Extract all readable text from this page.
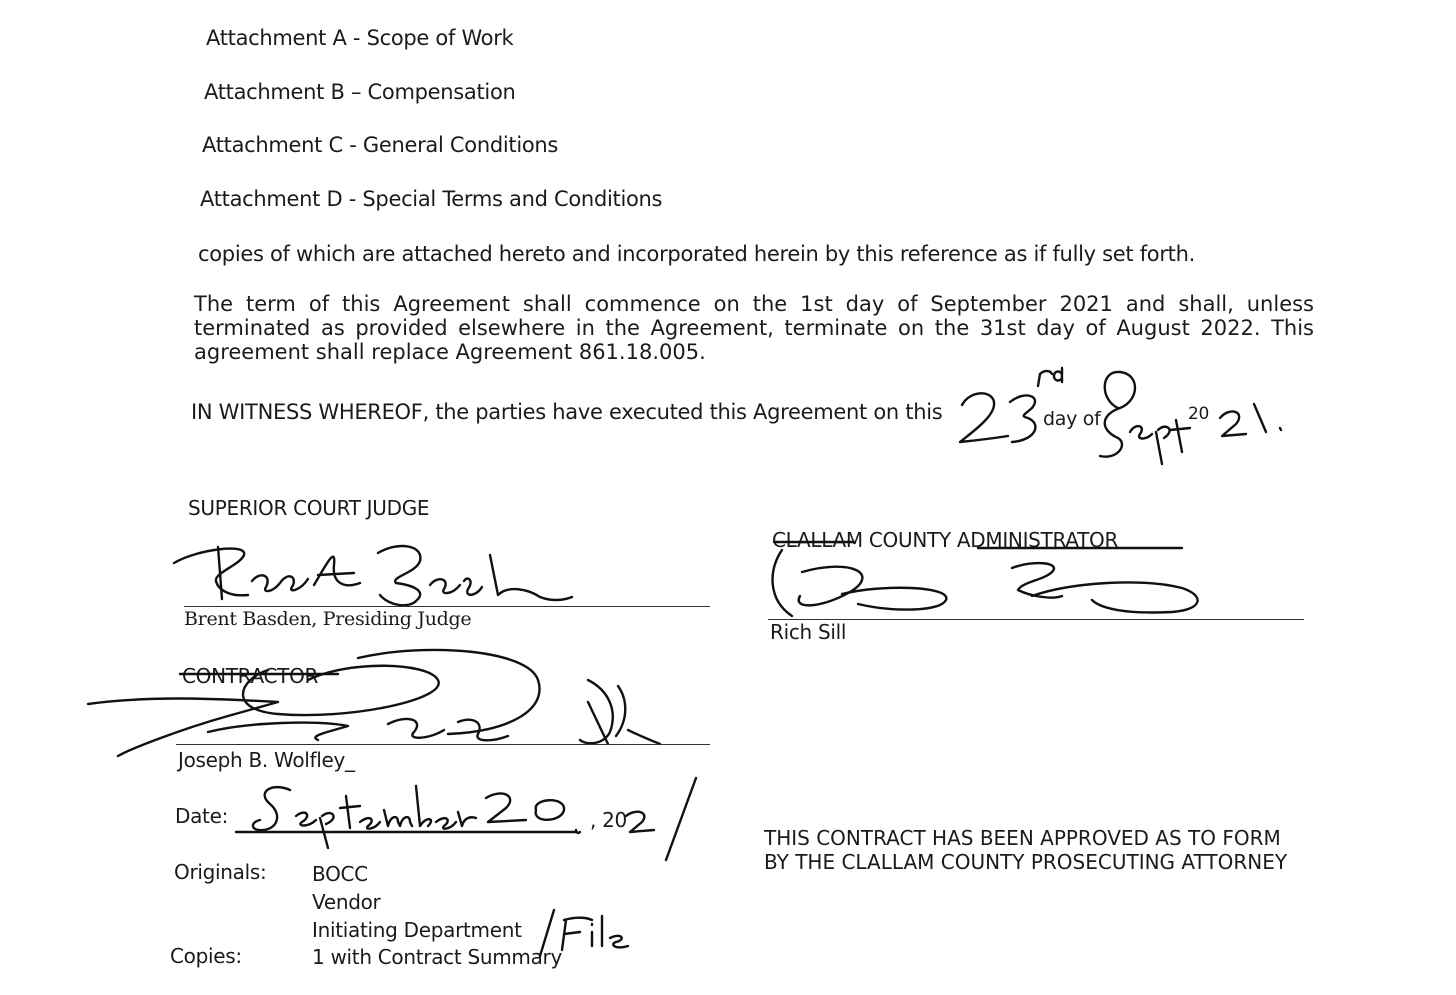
Attachment A - Scope of Work
Attachment B – Compensation
Attachment C - General Conditions
Attachment D - Special Terms and Conditions
copies of which are attached hereto and incorporated herein by this reference as if fully set forth.
The term of this Agreement shall commence on the 1st day of September 2021 and shall, unless terminated as provided elsewhere in the Agreement, terminate on the 31st day of August 2022. This agreement shall replace Agreement 861.18.005.
IN WITNESS WHEREOF, the parties have executed this Agreement on this	day of	20
SUPERIOR COURT JUDGE
Brent Basden, Presiding Judge
CLALLAM COUNTY ADMINISTRATOR
Rich Sill
CONTRACTOR
Joseph B. Wolfley_
Date:	, 20
Originals: BOCC
Vendor
Initiating Department
Copies:	1 with Contract Summary
THIS CONTRACT HAS BEEN APPROVED AS TO FORM BY THE CLALLAM COUNTY PROSECUTING ATTORNEY
